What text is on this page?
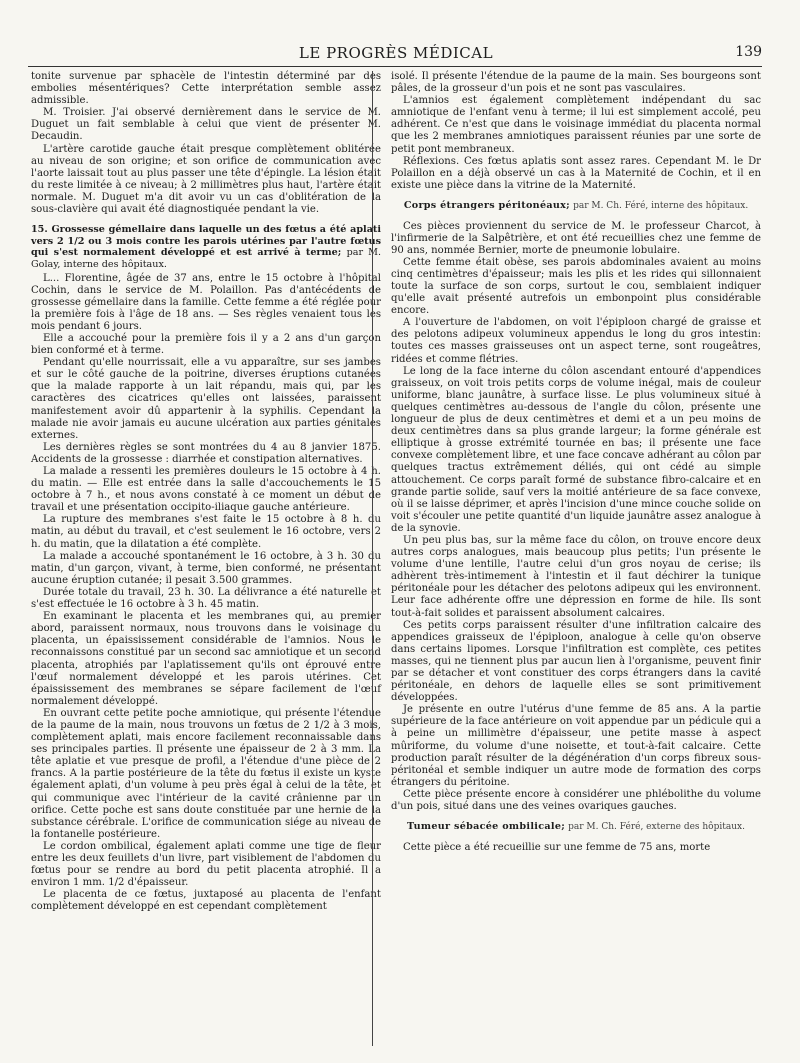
LE PROGRÈS MÉDICAL	139

tonite survenue par sphacèle de l'intestin déterminé par des embolies mésentériques? Cette interprétation semble assez admissible.

M. Troisier. J'ai observé dernièrement dans le service de M. Duguet un fait semblable à celui que vient de présenter M. Decaudin.

L'artère carotide gauche était presque complètement oblitérée au niveau de son origine; et son orifice de communication avec l'aorte laissait tout au plus passer une tête d'épingle. La lésion était du reste limitée à ce niveau; à 2 millimètres plus haut, l'artère était normale. M. Duguet m'a dit avoir vu un cas d'oblitération de la sous-clavière qui avait été diagnostiquée pendant la vie.

15. Grossesse gémellaire dans laquelle un des fœtus a été aplati vers 2 1/2 ou 3 mois contre les parois utérines par l'autre fœtus qui s'est normalement développé et est arrivé à terme; par M. Golay, interne des hôpitaux.

L... Florentine, âgée de 37 ans, entre le 15 octobre à l'hôpital Cochin, dans le service de M. Polaillon. Pas d'antécédents de grossesse gémellaire dans la famille. Cette femme a été réglée pour la première fois à l'âge de 18 ans. — Ses règles venaient tous les mois pendant 6 jours.

Elle a accouché pour la première fois il y a 2 ans d'un garçon bien conformé et à terme.

Pendant qu'elle nourrissait, elle a vu apparaître, sur ses jambes et sur le côté gauche de la poitrine, diverses éruptions cutanées que la malade rapporte à un lait répandu, mais qui, par les caractères des cicatrices qu'elles ont laissées, paraissent manifestement avoir dû appartenir à la syphilis. Cependant la malade nie avoir jamais eu aucune ulcération aux parties génitales externes.

Les dernières règles se sont montrées du 4 au 8 janvier 1875. Accidents de la grossesse : diarrhée et constipation alternatives.

La malade a ressenti les premières douleurs le 15 octobre à 4 h. du matin. — Elle est entrée dans la salle d'accouchements le 15 octobre à 7 h., et nous avons constaté à ce moment un début de travail et une présentation occipito-iliaque gauche antérieure.

La rupture des membranes s'est faite le 15 octobre à 8 h. du matin, au début du travail, et c'est seulement le 16 octobre, vers 2 h. du matin, que la dilatation a été complète.

La malade a accouché spontanément le 16 octobre, à 3 h. 30 du matin, d'un garçon, vivant, à terme, bien conformé, ne présentant aucune éruption cutanée; il pesait 3.500 grammes.

Durée totale du travail, 23 h. 30. La délivrance a été naturelle et s'est effectuée le 16 octobre à 3 h. 45 matin.

En examinant le placenta et les membranes qui, au premier abord, paraissent normaux, nous trouvons dans le voisinage du placenta, un épaississement considérable de l'amnios. Nous le reconnaissons constitué par un second sac amniotique et un second placenta, atrophiés par l'aplatissement qu'ils ont éprouvé entre l'œuf normalement développé et les parois utérines. Cet épaississement des membranes se sépare facilement de l'œuf normalement développé.

En ouvrant cette petite poche amniotique, qui présente l'étendue de la paume de la main, nous trouvons un fœtus de 2 1/2 à 3 mois, complètement aplati, mais encore facilement reconnaissable dans ses principales parties. Il présente une épaisseur de 2 à 3 mm. La tête aplatie et vue presque de profil, a l'étendue d'une pièce de 2 francs. A la partie postérieure de la tête du fœtus il existe un kyste également aplati, d'un volume à peu près égal à celui de la tête, et qui communique avec l'intérieur de la cavité crânienne par un orifice. Cette poche est sans doute constituée par une hernie de la substance cérébrale. L'orifice de communication siége au niveau de la fontanelle postérieure.

Le cordon ombilical, également aplati comme une tige de fleur entre les deux feuillets d'un livre, part visiblement de l'abdomen du fœtus pour se rendre au bord du petit placenta atrophié. Il a environ 1 mm. 1/2 d'épaisseur.

Le placenta de ce fœtus, juxtaposé au placenta de l'enfant complètement développé en est cependant complètement

isolé. Il présente l'étendue de la paume de la main. Ses bourgeons sont pâles, de la grosseur d'un pois et ne sont pas vasculaires.

L'amnios est également complètement indépendant du sac amniotique de l'enfant venu à terme; il lui est simplement accolé, peu adhérent. Ce n'est que dans le voisinage immédiat du placenta normal que les 2 membranes amniotiques paraissent réunies par une sorte de petit pont membraneux.

Réflexions. Ces fœtus aplatis sont assez rares. Cependant M. le Dr Polaillon en a déjà observé un cas à la Maternité de Cochin, et il en existe une pièce dans la vitrine de la Maternité.

Corps étrangers péritonéaux; par M. Ch. Féré, interne des hôpitaux.

Ces pièces proviennent du service de M. le professeur Charcot, à l'infirmerie de la Salpêtrière, et ont été recueillies chez une femme de 90 ans, nommée Bernier, morte de pneumonie lobulaire.

Cette femme était obèse, ses parois abdominales avaient au moins cinq centimètres d'épaisseur; mais les plis et les rides qui sillonnaient toute la surface de son corps, surtout le cou, semblaient indiquer qu'elle avait présenté autrefois un embonpoint plus considérable encore.

A l'ouverture de l'abdomen, on voit l'épiploon chargé de graisse et des pelotons adipeux volumineux appendus le long du gros intestin: toutes ces masses graisseuses ont un aspect terne, sont rougeâtres, ridées et comme flétries.

Le long de la face interne du côlon ascendant entouré d'appendices graisseux, on voit trois petits corps de volume inégal, mais de couleur uniforme, blanc jaunâtre, à surface lisse. Le plus volumineux situé à quelques centimètres au-dessous de l'angle du côlon, présente une longueur de plus de deux centimètres et demi et a un peu moins de deux centimètres dans sa plus grande largeur; la forme générale est elliptique à grosse extrémité tournée en bas; il présente une face convexe complètement libre, et une face concave adhérant au côlon par quelques tractus extrêmement déliés, qui ont cédé au simple attouchement. Ce corps paraît formé de substance fibro-calcaire et en grande partie solide, sauf vers la moitié antérieure de sa face convexe, où il se laisse déprimer, et après l'incision d'une mince couche solide on voit s'écouler une petite quantité d'un liquide jaunâtre assez analogue à de la synovie.

Un peu plus bas, sur la même face du côlon, on trouve encore deux autres corps analogues, mais beaucoup plus petits; l'un présente le volume d'une lentille, l'autre celui d'un gros noyau de cerise; ils adhèrent très-intimement à l'intestin et il faut déchirer la tunique péritonéale pour les détacher des pelotons adipeux qui les environnent. Leur face adhérente offre une dépression en forme de hile. Ils sont tout-à-fait solides et paraissent absolument calcaires.

Ces petits corps paraissent résulter d'une infiltration calcaire des appendices graisseux de l'épiploon, analogue à celle qu'on observe dans certains lipomes. Lorsque l'infiltration est complète, ces petites masses, qui ne tiennent plus par aucun lien à l'organisme, peuvent finir par se détacher et vont constituer des corps étrangers dans la cavité péritonéale, en dehors de laquelle elles se sont primitivement développées.

Je présente en outre l'utérus d'une femme de 85 ans. A la partie supérieure de la face antérieure on voit appendue par un pédicule qui a à peine un millimètre d'épaisseur, une petite masse à aspect mûriforme, du volume d'une noisette, et tout-à-fait calcaire. Cette production paraît résulter de la dégénération d'un corps fibreux sous-péritonéal et semble indiquer un autre mode de formation des corps étrangers du péritoine.

Cette pièce présente encore à considérer une phlébolithe du volume d'un pois, situé dans une des veines ovariques gauches.

Tumeur sébacée ombilicale; par M. Ch. Féré, externe des hôpitaux.

Cette pièce a été recueillie sur une femme de 75 ans, morte
